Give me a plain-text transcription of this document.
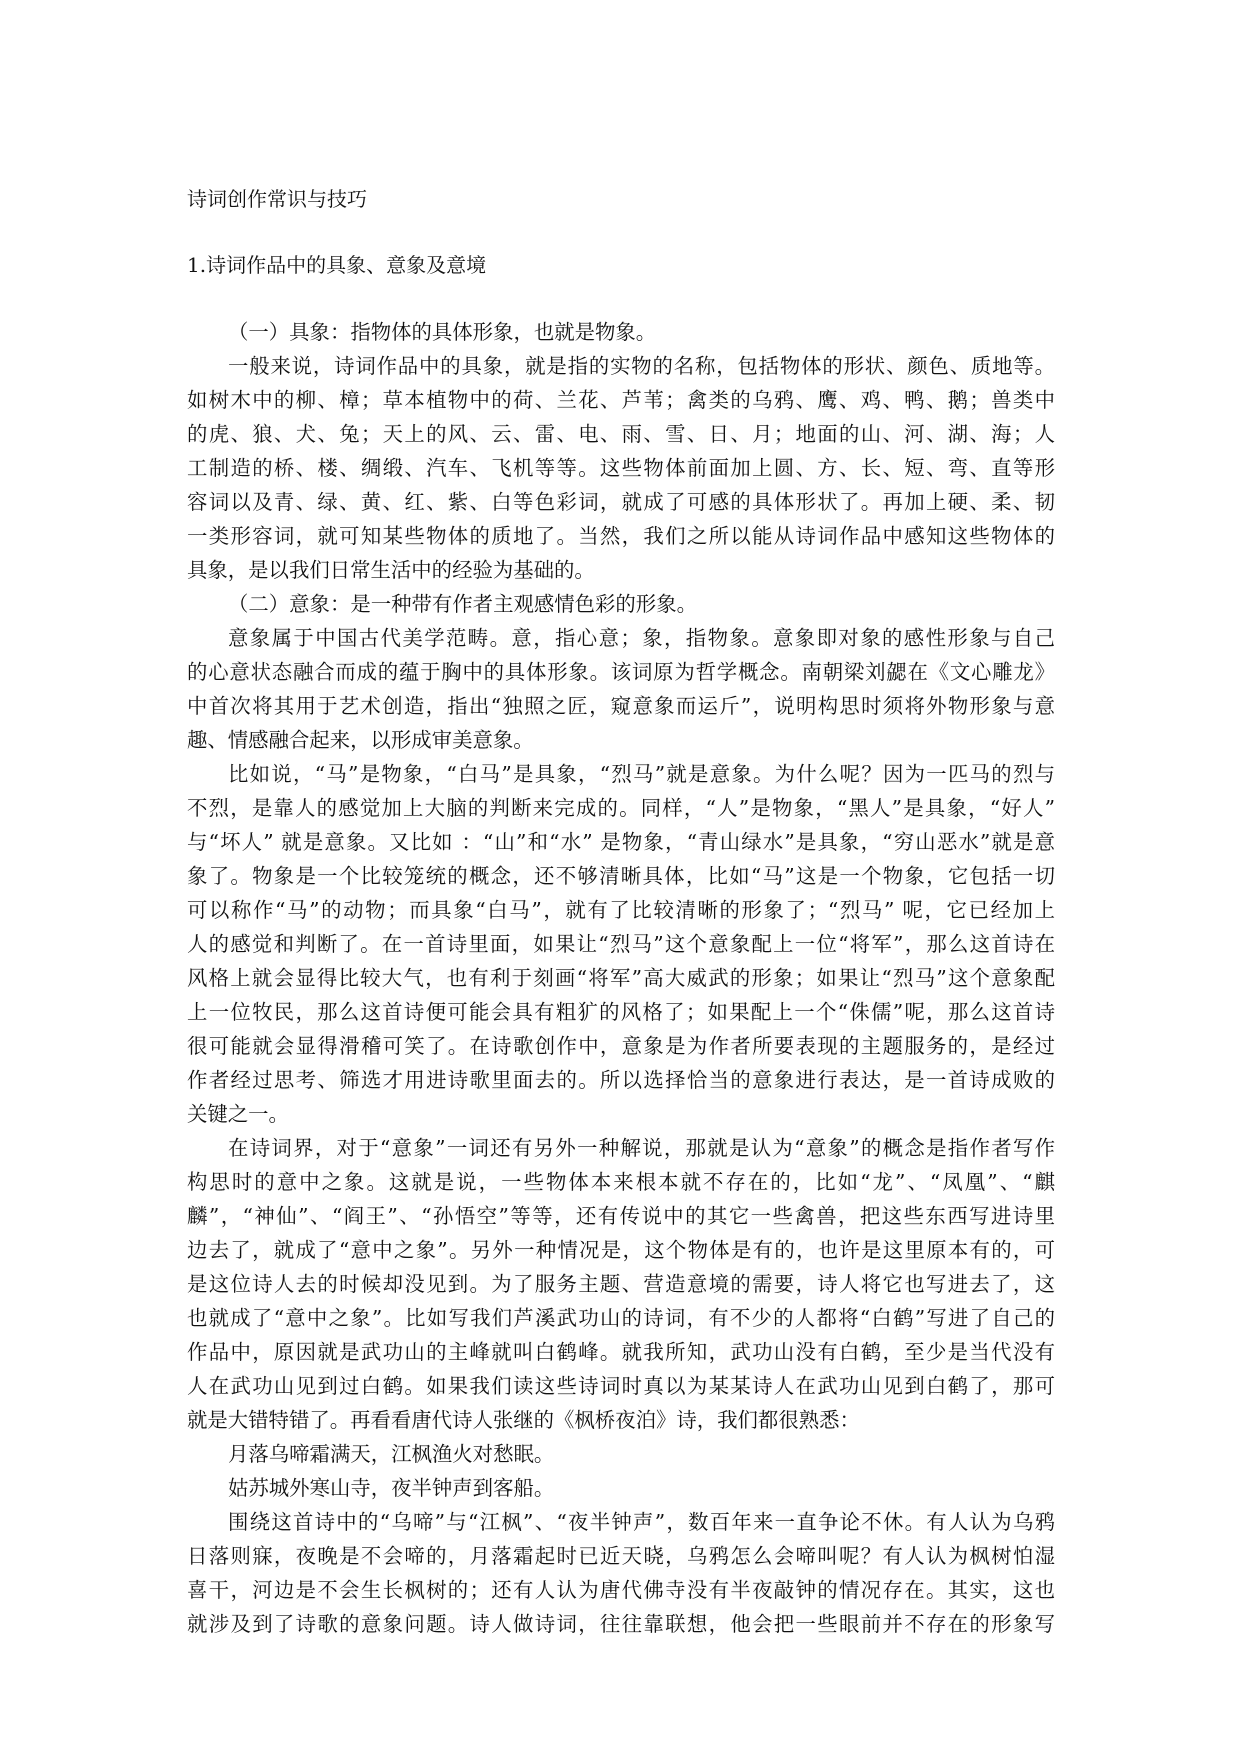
诗词创作常识与技巧
1.诗词作品中的具象、意象及意境
（一）具象：指物体的具体形象，也就是物象。
一般来说，诗词作品中的具象，就是指的实物的名称，包括物体的形状、颜色、质地等。
如树木中的柳、樟；草本植物中的荷、兰花、芦苇；禽类的乌鸦、鹰、鸡、鸭、鹅；兽类中
的虎、狼、犬、兔；天上的风、云、雷、电、雨、雪、日、月；地面的山、河、湖、海；人
工制造的桥、楼、绸缎、汽车、飞机等等。这些物体前面加上圆、方、长、短、弯、直等形
容词以及青、绿、黄、红、紫、白等色彩词，就成了可感的具体形状了。再加上硬、柔、韧
一类形容词，就可知某些物体的质地了。当然，我们之所以能从诗词作品中感知这些物体的
具象，是以我们日常生活中的经验为基础的。
（二）意象：是一种带有作者主观感情色彩的形象。
意象属于中国古代美学范畴。意，指心意；象，指物象。意象即对象的感性形象与自己
的心意状态融合而成的蕴于胸中的具体形象。该词原为哲学概念。南朝梁刘勰在《文心雕龙》
中首次将其用于艺术创造，指出“独照之匠，窥意象而运斤”，说明构思时须将外物形象与意
趣、情感融合起来，以形成审美意象。
比如说，“马”是物象，“白马”是具象，“烈马”就是意象。为什么呢？因为一匹马的烈与
不烈，是靠人的感觉加上大脑的判断来完成的。同样，“人”是物象，“黑人”是具象，“好人”
与“坏人” 就是意象。又比如 ：“山”和“水” 是物象，“青山绿水”是具象，“穷山恶水”就是意
象了。物象是一个比较笼统的概念，还不够清晰具体，比如“马”这是一个物象，它包括一切
可以称作“马”的动物；而具象“白马”，就有了比较清晰的形象了；“烈马” 呢，它已经加上
人的感觉和判断了。在一首诗里面，如果让“烈马”这个意象配上一位“将军”，那么这首诗在
风格上就会显得比较大气，也有利于刻画“将军”高大威武的形象；如果让“烈马”这个意象配
上一位牧民，那么这首诗便可能会具有粗犷的风格了；如果配上一个“侏儒”呢，那么这首诗
很可能就会显得滑稽可笑了。在诗歌创作中，意象是为作者所要表现的主题服务的，是经过
作者经过思考、筛选才用进诗歌里面去的。所以选择恰当的意象进行表达，是一首诗成败的
关键之一。
在诗词界，对于“意象”一词还有另外一种解说，那就是认为“意象”的概念是指作者写作
构思时的意中之象。这就是说，一些物体本来根本就不存在的，比如“龙”、“凤凰”、“麒
麟”，“神仙”、“阎王”、“孙悟空”等等，还有传说中的其它一些禽兽，把这些东西写进诗里
边去了，就成了“意中之象”。另外一种情况是，这个物体是有的，也许是这里原本有的，可
是这位诗人去的时候却没见到。为了服务主题、营造意境的需要，诗人将它也写进去了，这
也就成了“意中之象”。比如写我们芦溪武功山的诗词，有不少的人都将“白鹤”写进了自己的
作品中，原因就是武功山的主峰就叫白鹤峰。就我所知，武功山没有白鹤，至少是当代没有
人在武功山见到过白鹤。如果我们读这些诗词时真以为某某诗人在武功山见到白鹤了，那可
就是大错特错了。再看看唐代诗人张继的《枫桥夜泊》诗，我们都很熟悉：
月落乌啼霜满天，江枫渔火对愁眠。
姑苏城外寒山寺，夜半钟声到客船。
围绕这首诗中的“乌啼”与“江枫”、“夜半钟声”，数百年来一直争论不休。有人认为乌鸦
日落则寐，夜晚是不会啼的，月落霜起时已近天晓，乌鸦怎么会啼叫呢？有人认为枫树怕湿
喜干，河边是不会生长枫树的；还有人认为唐代佛寺没有半夜敲钟的情况存在。其实，这也
就涉及到了诗歌的意象问题。诗人做诗词，往往靠联想，他会把一些眼前并不存在的形象写
